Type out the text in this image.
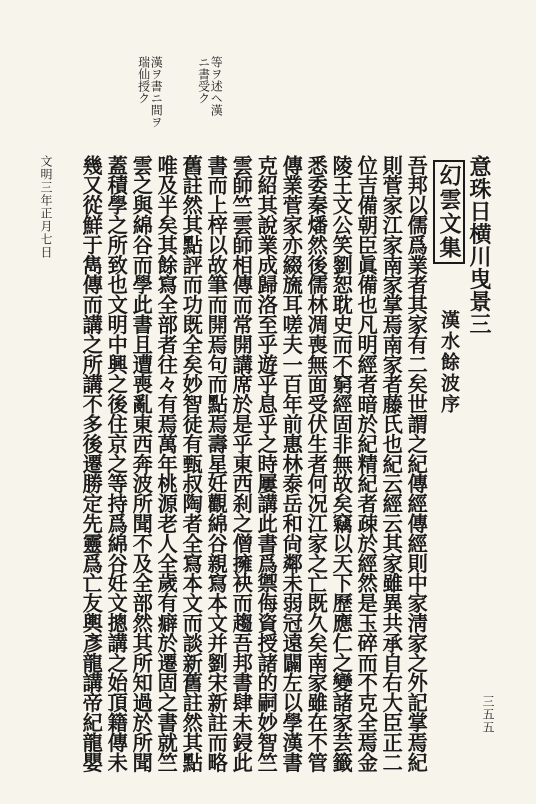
等ヲ述ヘ漢ニ書受ク
漢ヲ書ニ間ヲ瑞仙授ク
意珠日横川曳景三
幻雲文集  漢水餘波序
吾邦以儒爲業者其家有二矣世謂之紀傳經傳經則中家淸家之外記掌焉紀
則菅家江家南家掌焉南家者藤氏也紀云經云其家雖異共承自右大臣正二
位吉備朝臣眞備也凡明經者暗於紀精紀者疎於經然是玉碎而不克全焉金
陵王文公笑劉恕耽史而不窮經固非無故矣竊以天下歷應仁之變諸家芸籤
悉委秦燔然後儒林凋喪無面受伏生者何况江家之亡既久矣南家雖在不管
傳業菅家亦綴旒耳嗟夫一百年前惠林泰岳和尙鄰未弱冠遠闢左以學漢書
克紹其說業成歸洛至乎遊乎息乎之時屢講此書爲禦侮資授諸的嗣妙智竺
雲師竺雲師相傳而常開講席於是乎東西刹之僧擁袂而趨吾邦書肆未鋟此
書而上梓以故筆而開焉句而點焉壽星妊觀綿谷親寫本文并劉宋新註而略
舊註然其點評而功既全矣妙智徒有甄叔陶者全寫本文而談新舊註然其點
唯及半矣其餘寫全部者往々有焉萬年桃源老人全歲有癖於遷固之書就竺
雲之與綿谷而學此書且遭喪亂東西奔波所聞不及全部然其所知過於所聞
蓋積學之所致也文明中興之後住京之等持爲綿谷妊文摠講之始頂籍傳未
幾又從鮮于雋傳而講之所講不多後遷勝定先靈爲亡友輿彥龍講帝紀龍嬰
文明三年正月七日
三五五
